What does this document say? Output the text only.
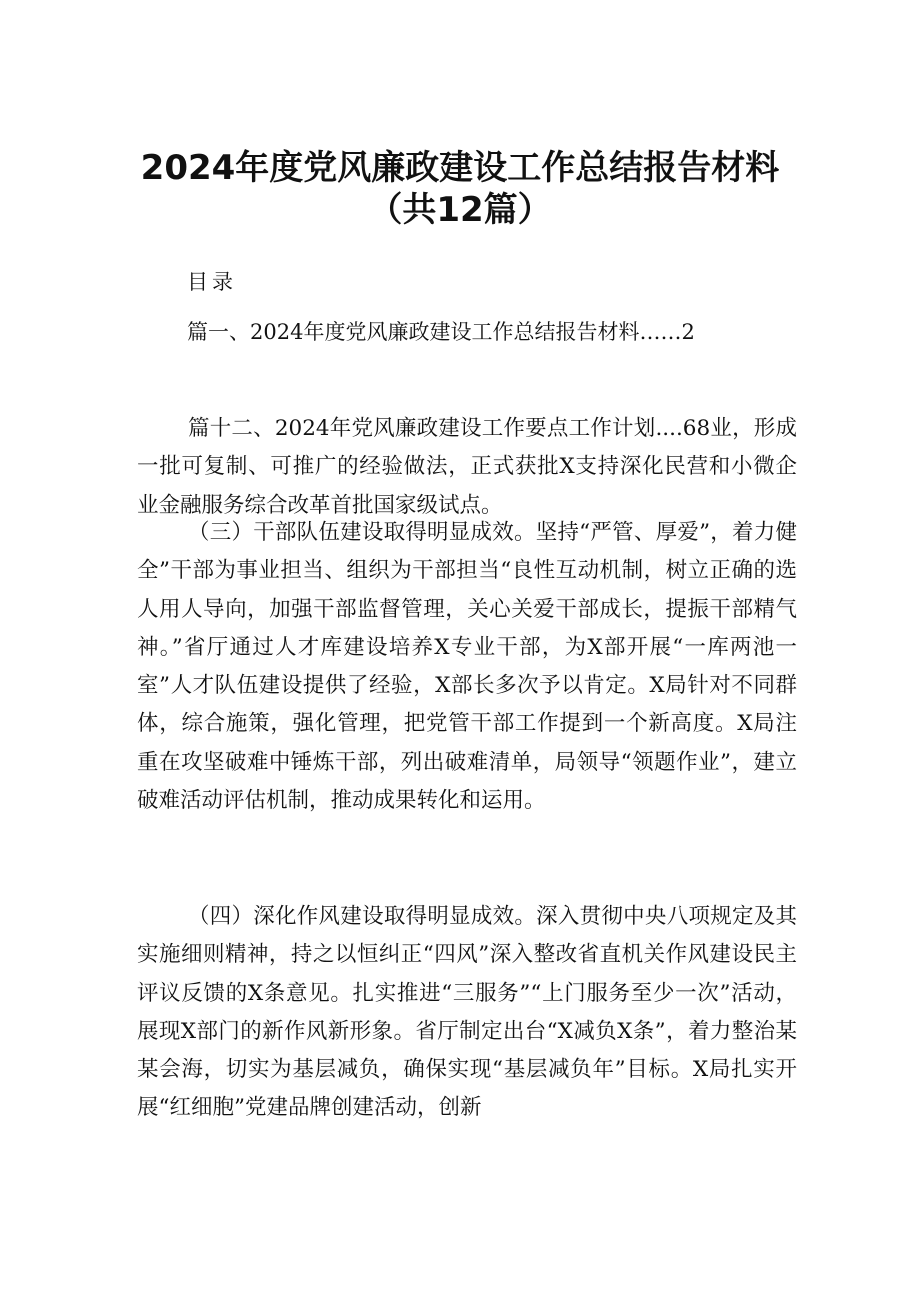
2024年度党风廉政建设工作总结报告材料
（共12篇）
目录
篇一、2024年度党风廉政建设工作总结报告材料……2

篇十二、2024年党风廉政建设工作要点工作计划....68业，形成一批可复制、可推广的经验做法，正式获批X支持深化民营和小微企业金融服务综合改革首批国家级试点。

（三）干部队伍建设取得明显成效。坚持“严管、厚爱”，着力健全”干部为事业担当、组织为干部担当“良性互动机制，树立正确的选人用人导向，加强干部监督管理，关心关爱干部成长，提振干部精气神。”省厅通过人才库建设培养X专业干部，为X部开展“一库两池一室”人才队伍建设提供了经验，X部长多次予以肯定。X局针对不同群体，综合施策，强化管理，把党管干部工作提到一个新高度。X局注重在攻坚破难中锤炼干部，列出破难清单，局领导“领题作业”，建立破难活动评估机制，推动成果转化和运用。

（四）深化作风建设取得明显成效。深入贯彻中央八项规定及其实施细则精神，持之以恒纠正“四风”深入整改省直机关作风建设民主评议反馈的X条意见。扎实推进“三服务”“上门服务至少一次”活动，展现X部门的新作风新形象。省厅制定出台“X减负X条”，着力整治某某会海，切实为基层减负，确保实现“基层减负年”目标。X局扎实开展“红细胞”党建品牌创建活动，创新
